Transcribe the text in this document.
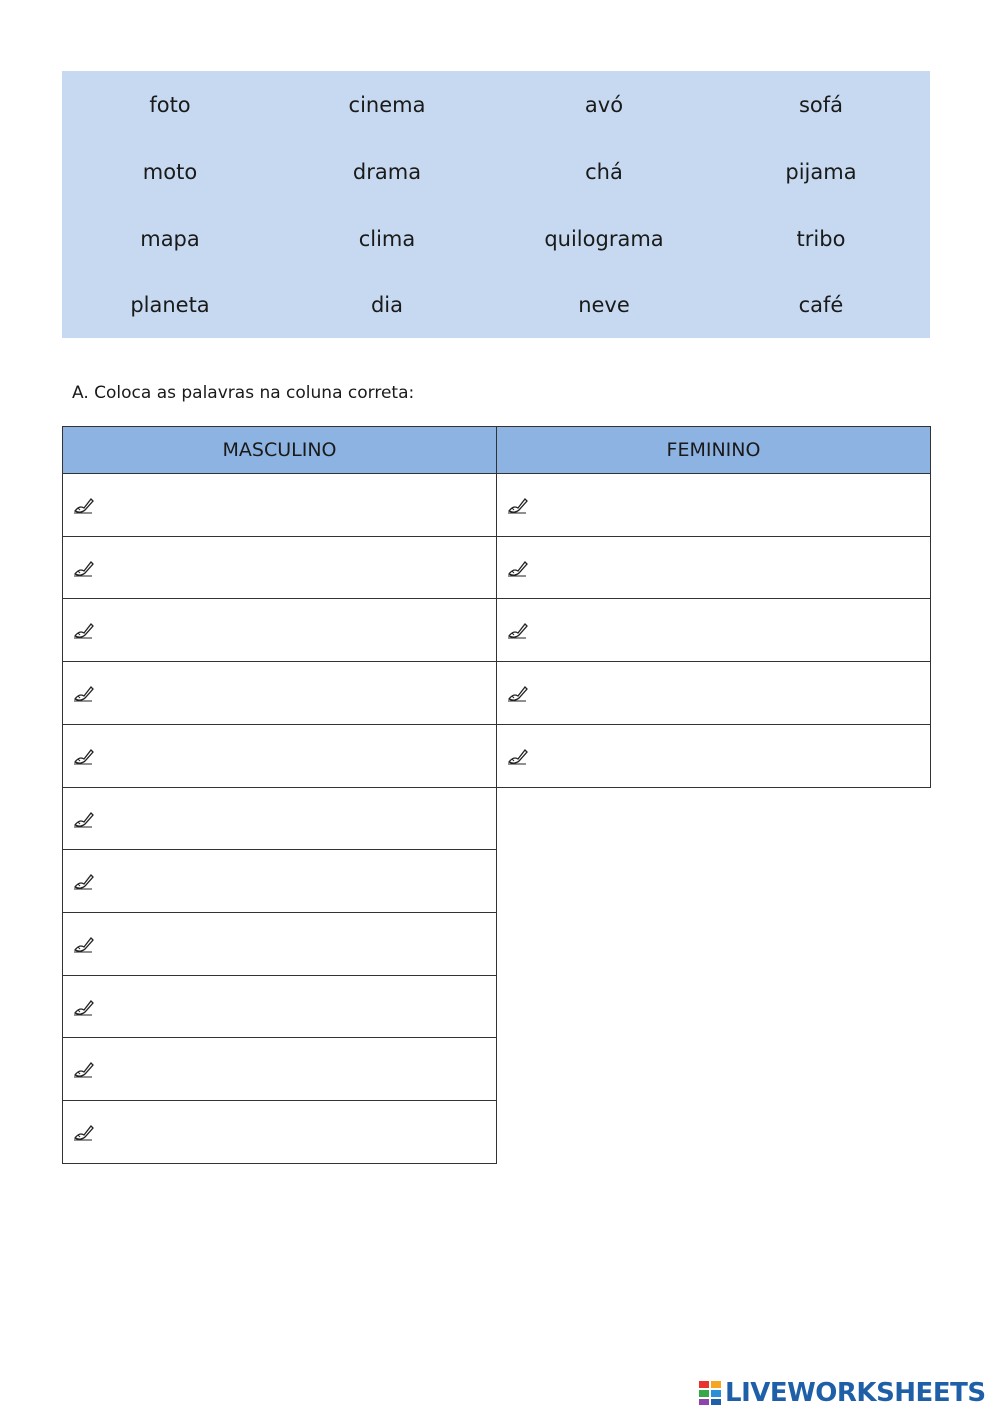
foto	cinema	avó	sofá
moto	drama	chá	pijama
mapa	clima	quilograma	tribo
planeta	dia	neve	café
A. Coloca as palavras na coluna correta:
MASCULINO	FEMININO
LIVEWORKSHEETS
